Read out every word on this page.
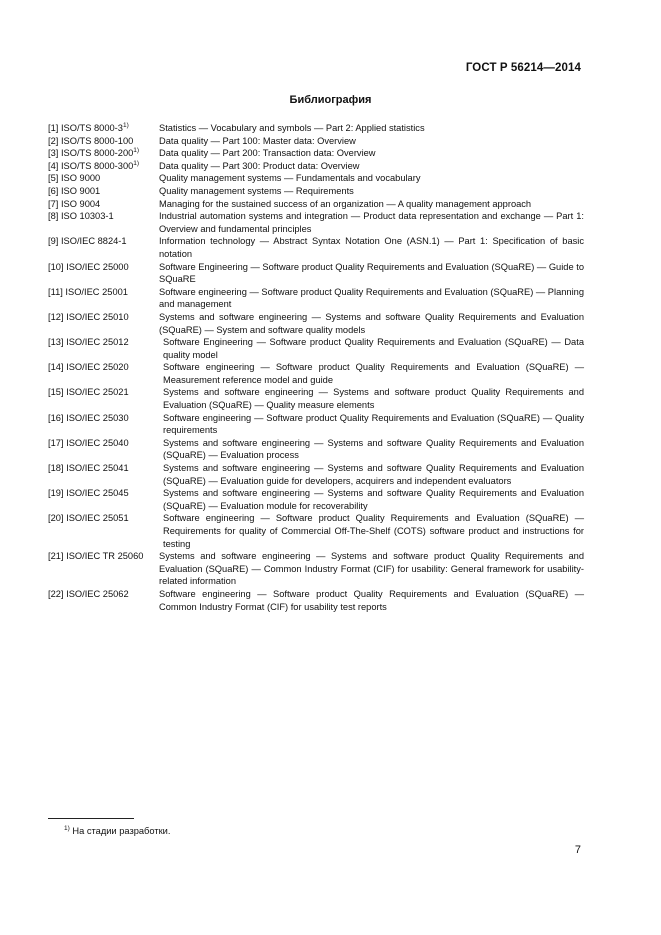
ГОСТ Р 56214—2014
Библиография
[1] ISO/TS 8000-3$^{1)}$	Statistics — Vocabulary and symbols — Part 2: Applied statistics
[2] ISO/TS 8000-100	Data quality — Part 100: Master data: Overview
[3] ISO/TS 8000-200$^{1)}$	Data quality — Part 200: Transaction data: Overview
[4] ISO/TS 8000-300$^{1)}$	Data quality — Part 300: Product data: Overview
[5] ISO 9000	Quality management systems — Fundamentals and vocabulary
[6] ISO 9001	Quality management systems — Requirements
[7] ISO 9004	Managing for the sustained success of an organization — A quality management approach
[8] ISO 10303-1	Industrial automation systems and integration — Product data representation and exchange — Part 1: Overview and fundamental principles
[9] ISO/IEC 8824-1	Information technology — Abstract Syntax Notation One (ASN.1) — Part 1: Specification of basic notation
[10] ISO/IEC 25000	Software Engineering — Software product Quality Requirements and Evaluation (SQuaRE) — Guide to SQuaRE
[11] ISO/IEC 25001	Software engineering — Software product Quality Requirements and Evaluation (SQuaRE) — Planning and management
[12] ISO/IEC 25010	Systems and software engineering — Systems and software Quality Requirements and Evaluation (SQuaRE) — System and software quality models
[13] ISO/IEC 25012	Software Engineering — Software product Quality Requirements and Evaluation (SQuaRE) — Data quality model
[14] ISO/IEC 25020	Software engineering — Software product Quality Requirements and Evaluation (SQuaRE) — Measurement reference model and guide
[15] ISO/IEC 25021	Systems and software engineering — Systems and software product Quality Requirements and Evaluation (SQuaRE) — Quality measure elements
[16] ISO/IEC 25030	Software engineering — Software product Quality Requirements and Evaluation (SQuaRE) — Quality requirements
[17] ISO/IEC 25040	Systems and software engineering — Systems and software Quality Requirements and Evaluation (SQuaRE) — Evaluation process
[18] ISO/IEC 25041	Systems and software engineering — Systems and software Quality Requirements and Evaluation (SQuaRE) — Evaluation guide for developers, acquirers and independent evaluators
[19] ISO/IEC 25045	Systems and software engineering — Systems and software Quality Requirements and Evaluation (SQuaRE) — Evaluation module for recoverability
[20] ISO/IEC 25051	Software engineering — Software product Quality Requirements and Evaluation (SQuaRE) — Requirements for quality of Commercial Off-The-Shelf (COTS) software product and instructions for testing
[21] ISO/IEC TR 25060	Systems and software engineering — Systems and software product Quality Requirements and Evaluation (SQuaRE) — Common Industry Format (CIF) for usability: General framework for usability-related information
[22] ISO/IEC 25062	Software engineering — Software product Quality Requirements and Evaluation (SQuaRE) — Common Industry Format (CIF) for usability test reports
$^{1)}$ На стадии разработки.
7
